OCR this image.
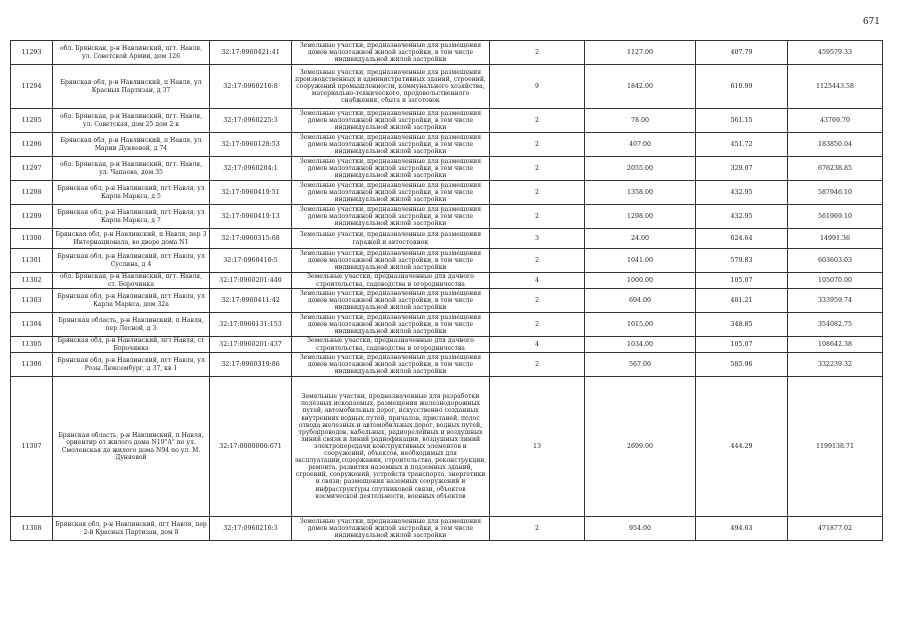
671
11293	обл. Брянская, р-н Навлинский, пгт. Навля, ул. Советской Армии, дом 126	32:17:0960421:41	Земельные участки, предназначенные для размещения домов малоэтажной жилой застройки, в том числе индивидуальной жилой застройки	2	1127.00	407.79	459579.33
11294	Брянская обл, р-н Навлинский, п Навля, ул Красных Партизан, д 37	32:17:0960216:8	Земельные участки, предназначенные для размещения производственных и административных зданий, строений, сооружений промышленности, коммунального хозяйства, материально-технического, продовольственного снабжения, сбыта и заготовок	9	1842.00	610.99	1125443.58
11295	обл. Брянская, р-н Навлинский, пгт. Навля, ул. Советская, дом 25 дом 2 к	32:17:0960225:3	Земельные участки, предназначенные для размещения домов малоэтажной жилой застройки, в том числе индивидуальной жилой застройки	2	78.00	561.15	43769.70
11296	Брянская обл, р-н Навлинский, п Навля, ул Марии Дуняевой, д 74	32:17:0960128:53	Земельные участки, предназначенные для размещения домов малоэтажной жилой застройки, в том числе индивидуальной жилой застройки	2	407.00	451.72	183850.04
11297	обл. Брянская, р-н Навлинский, пгт. Навля, ул. Чапаева, дом 35	32:17:0960204:1	Земельные участки, предназначенные для размещения домов малоэтажной жилой застройки, в том числе индивидуальной жилой застройки	2	2055.00	329.07	676238.85
11298	Брянская обл, р-н Навлинский, пгт Навля, ул Карла Маркса, д 5	32:17:0960419:51	Земельные участки, предназначенные для размещения домов малоэтажной жилой застройки, в том числе индивидуальной жилой застройки	2	1358.00	432.95	587946.10
11299	Брянская обл, р-н Навлинский, пгт Навля, ул Карла Маркса, д 7	32:17:0960419:13	Земельные участки, предназначенные для размещения домов малоэтажной жилой застройки, в том числе индивидуальной жилой застройки	2	1298.00	432.95	561969.10
11300	Брянская обл, р-н Навлинский, п Навля, пер 3 Интернационала, во дворе дома N1	32:17:0960315:68	Земельные участки, предназначенные для размещения гаражей и автостоянок	3	24.00	624.64	14991.36
11301	Брянская обл, р-н Навлинский, пгт Навля, ул Суслина, д 4	32:17:0960410:5	Земельные участки, предназначенные для размещения домов малоэтажной жилой застройки, в том числе индивидуальной жилой застройки	2	1041.00	579.83	603603.03
11302	обл. Брянская, р-н Навлинский, пгт. Навля, ст. Борочинка	32:17:0960201:440	Земельные участки, предназначенные для дачного строительства, садоводства и огородничества	4	1000.00	105.07	105070.00
11303	Брянская обл, р-н Навлинский, пгт Навля, ул Карла Маркса, дом 32а	32:17:0960411:42	Земельные участки, предназначенные для размещения домов малоэтажной жилой застройки, в том числе индивидуальной жилой застройки	2	694.00	481.21	333959.74
11304	Брянская область, р-н Навлинский, п Навля, пер Лесной, д 3	32:17:0960131:153	Земельные участки, предназначенные для размещения домов малоэтажной жилой застройки, в том числе индивидуальной жилой застройки	2	1015.00	348.85	354082.75
11305	Брянская обл, р-н Навлинский, пгт Навля, ст Борочинка	32:17:0960201:437	Земельные участки, предназначенные для дачного строительства, садоводства и огородничества	4	1034.00	105.07	108642.38
11306	Брянская обл, р-н Навлинский, пгт Навля, ул Розы Люксембург, д 37, кв 1	32:17:0960319:86	Земельные участки, предназначенные для размещения домов малоэтажной жилой застройки, в том числе индивидуальной жилой застройки	2	567.00	585.96	332239.32
11307	Брянская область, р-н Навлинский, п Навля, ориентир от жилого дома N19"А" по ул. Смоленская до жилого дома N94 по ул. М. Дуняевой	32:17:0000000:671	Земельные участки, предназначенные для разработки полезных ископаемых, размещения железнодорожных путей, автомобильных дорог, искусственно созданных внутренних водных путей, причалов, пристаней, полос отвода железных и автомобильных дорог, водных путей, трубопроводов, кабельных, радиорелейных и воздушных линий связи и линий радиофикации, воздушных линий электропередачи конструктивных элементов и сооружений, объектов, необходимых для эксплуатации,содержания, строительства, реконструкции, ремонта, развития наземных и подземных зданий, строений, сооружений, устройств транспорта, энергетики и связи; размещения наземных сооружений и инфраструктуры спутниковой связи, объектов космической деятельности, военных объектов	13	2699.00	444.29	1199138.71
11308	Брянская обл, р-н Навлинский, пгт Навля, пер 2-й Красных Партизан, дом 8	32:17:0960216:3	Земельные участки, предназначенные для размещения домов малоэтажной жилой застройки, в том числе индивидуальной жилой застройки	2	954.00	494.63	471877.02
